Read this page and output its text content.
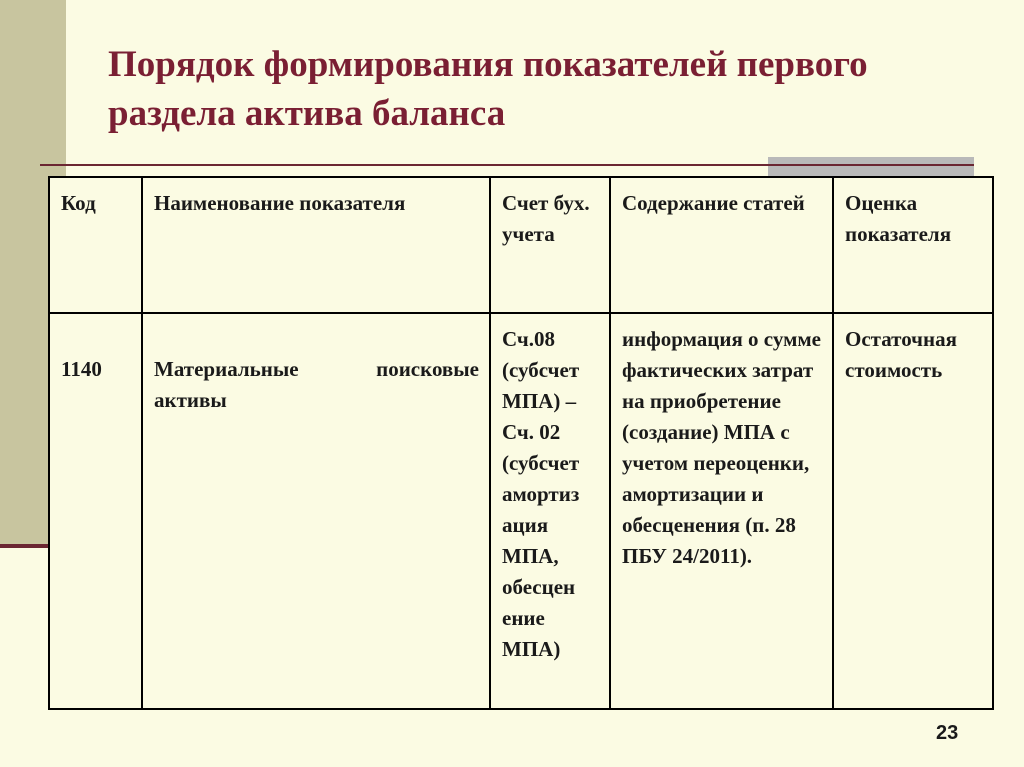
Порядок формирования показателей первого раздела актива баланса
Код	Наименование показателя	Счет бух. учета	Содержание статей	Оценка показателя

1140	Материальные поисковые активы	Сч.08 (субсчет МПА) – Сч. 02 (субсчет амортиз ация МПА, обесцен ение МПА)	информация о сумме фактических затрат на приобретение (создание) МПА с учетом переоценки, амортизации и обесценения (п. 28 ПБУ 24/2011).	Остаточная стоимость
23
